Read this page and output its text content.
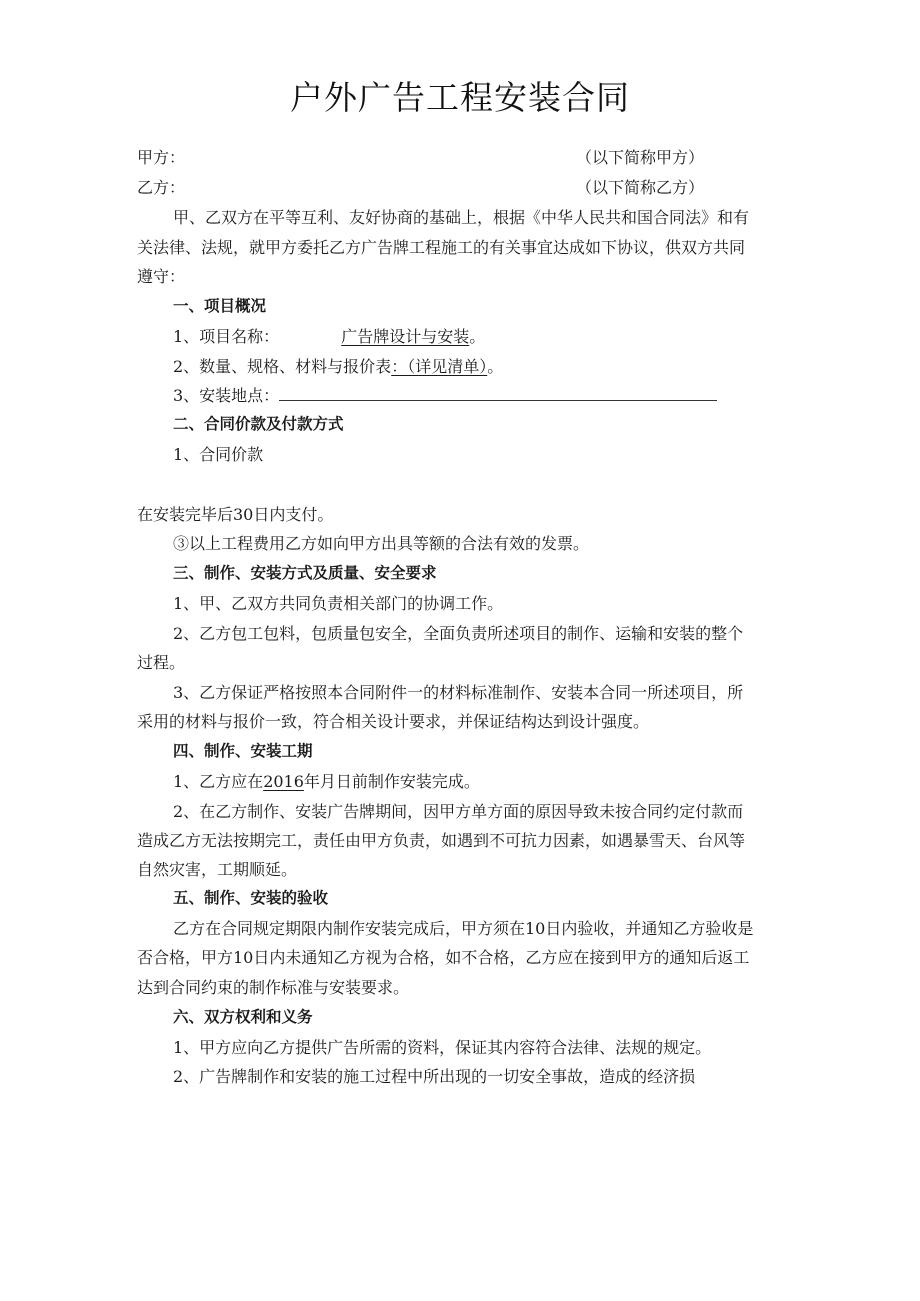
户外广告工程安装合同
甲方：	（以下简称甲方）
乙方：	（以下简称乙方）
甲、乙双方在平等互利、友好协商的基础上，根据《中华人民共和国合同法》和有
关法律、法规，就甲方委托乙方广告牌工程施工的有关事宜达成如下协议，供双方共同
遵守：
一、项目概况
1、项目名称：	广告牌设计与安装。
2、数量、规格、材料与报价表：（详见清单）。
3、安装地点：
二、合同价款及付款方式
1、合同价款
在安装完毕后30日内支付。
③以上工程费用乙方如向甲方出具等额的合法有效的发票。
三、制作、安装方式及质量、安全要求
1、甲、乙双方共同负责相关部门的协调工作。
2、乙方包工包料，包质量包安全，全面负责所述项目的制作、运输和安装的整个
过程。
3、乙方保证严格按照本合同附件一的材料标准制作、安装本合同一所述项目，所
采用的材料与报价一致，符合相关设计要求，并保证结构达到设计强度。
四、制作、安装工期
1、乙方应在2016年月日前制作安装完成。
2、在乙方制作、安装广告牌期间，因甲方单方面的原因导致未按合同约定付款而
造成乙方无法按期完工，责任由甲方负责，如遇到不可抗力因素，如遇暴雪天、台风等
自然灾害，工期顺延。
五、制作、安装的验收
乙方在合同规定期限内制作安装完成后，甲方须在10日内验收，并通知乙方验收是
否合格，甲方10日内未通知乙方视为合格，如不合格，乙方应在接到甲方的通知后返工
达到合同约束的制作标准与安装要求。
六、双方权利和义务
1、甲方应向乙方提供广告所需的资料，保证其内容符合法律、法规的规定。
2、广告牌制作和安装的施工过程中所出现的一切安全事故，造成的经济损
